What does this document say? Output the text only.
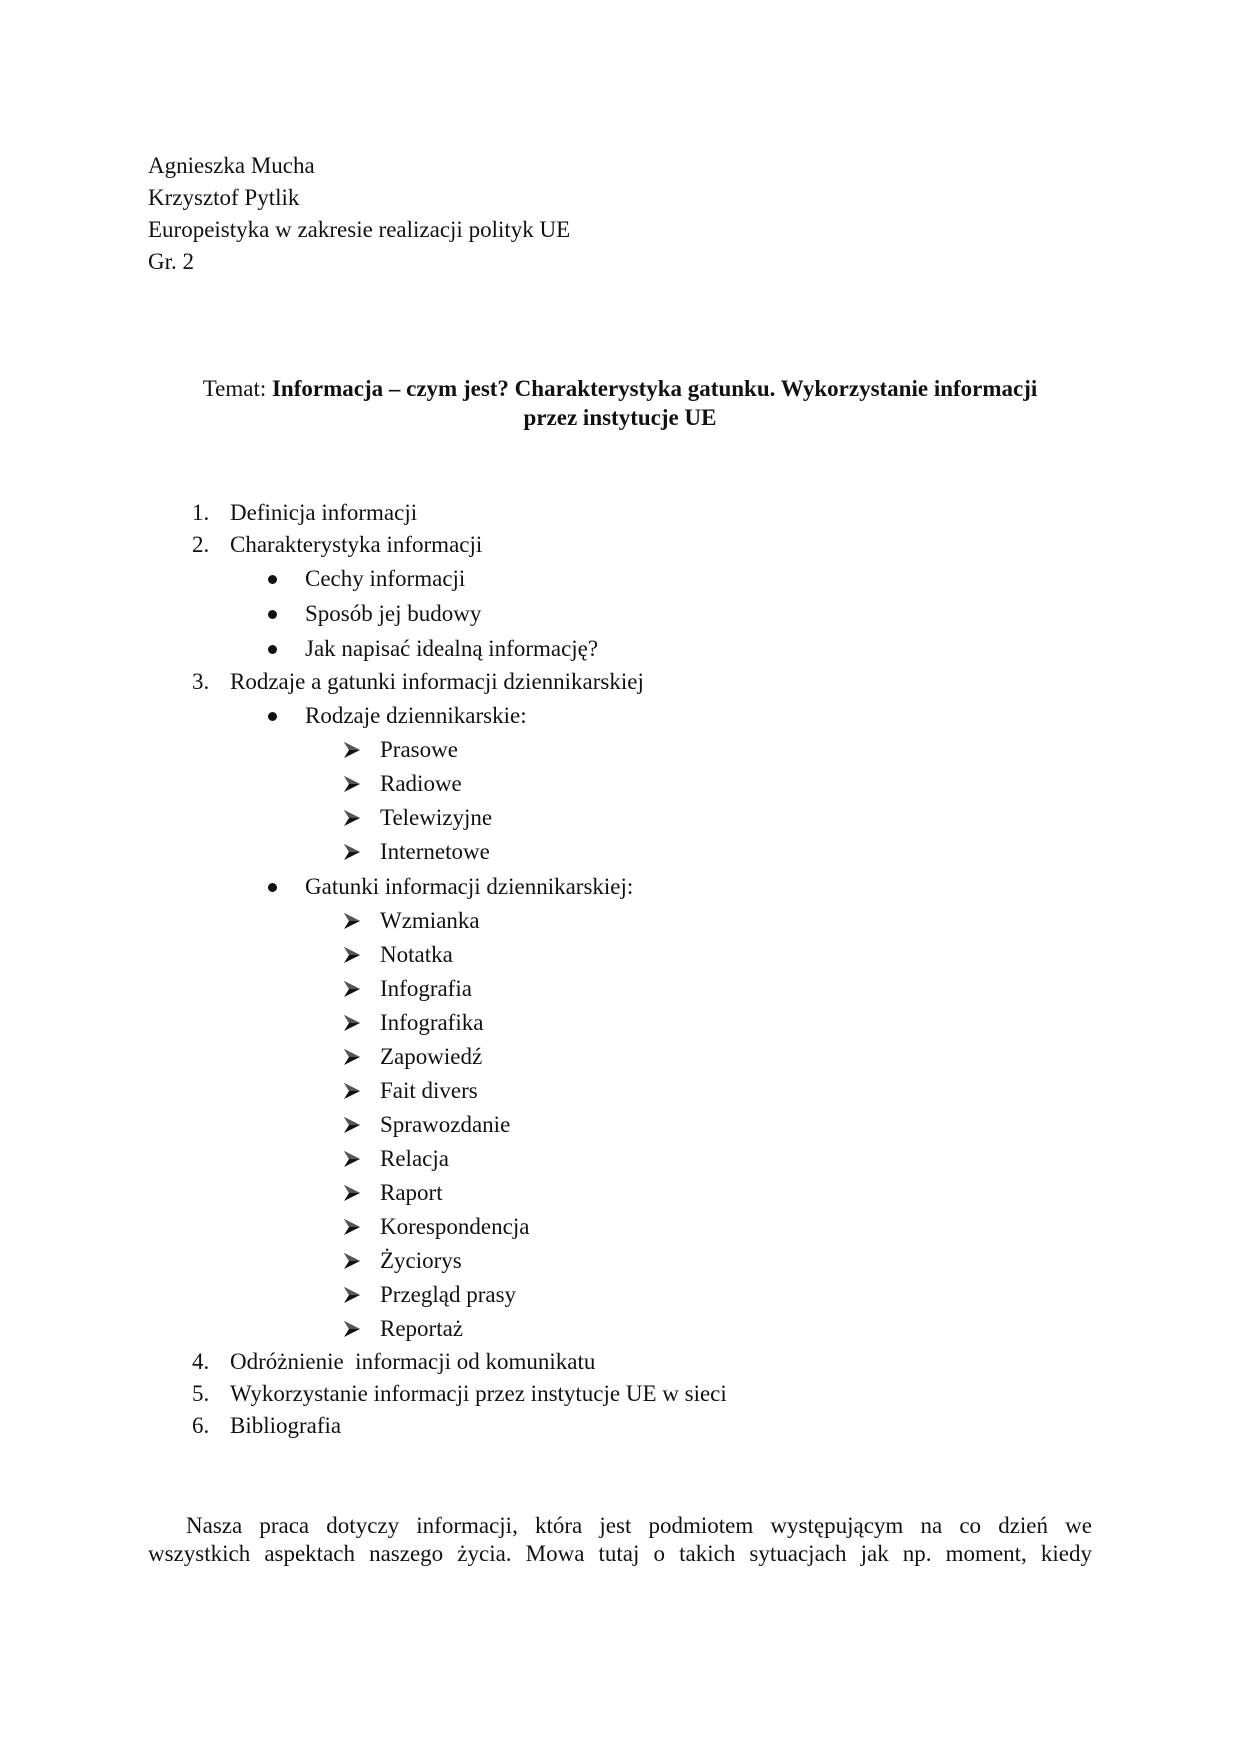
Agnieszka Mucha
Krzysztof Pytlik
Europeistyka w zakresie realizacji polityk UE
Gr. 2
Temat: Informacja – czym jest? Charakterystyka gatunku. Wykorzystanie informacji
przez instytucje UE
1. Definicja informacji
2. Charakterystyka informacji
Cechy informacji
Sposób jej budowy
Jak napisać idealną informację?
3. Rodzaje a gatunki informacji dziennikarskiej
Rodzaje dziennikarskie:
Prasowe
Radiowe
Telewizyjne
Internetowe
Gatunki informacji dziennikarskiej:
Wzmianka
Notatka
Infografia
Infografika
Zapowiedź
Fait divers
Sprawozdanie
Relacja
Raport
Korespondencja
Życiorys
Przegląd prasy
Reportaż
4. Odróżnienie  informacji od komunikatu
5. Wykorzystanie informacji przez instytucje UE w sieci
6. Bibliografia
Nasza praca dotyczy informacji, która jest podmiotem występującym na co dzień we
wszystkich aspektach naszego życia. Mowa tutaj o takich sytuacjach jak np. moment, kiedy
